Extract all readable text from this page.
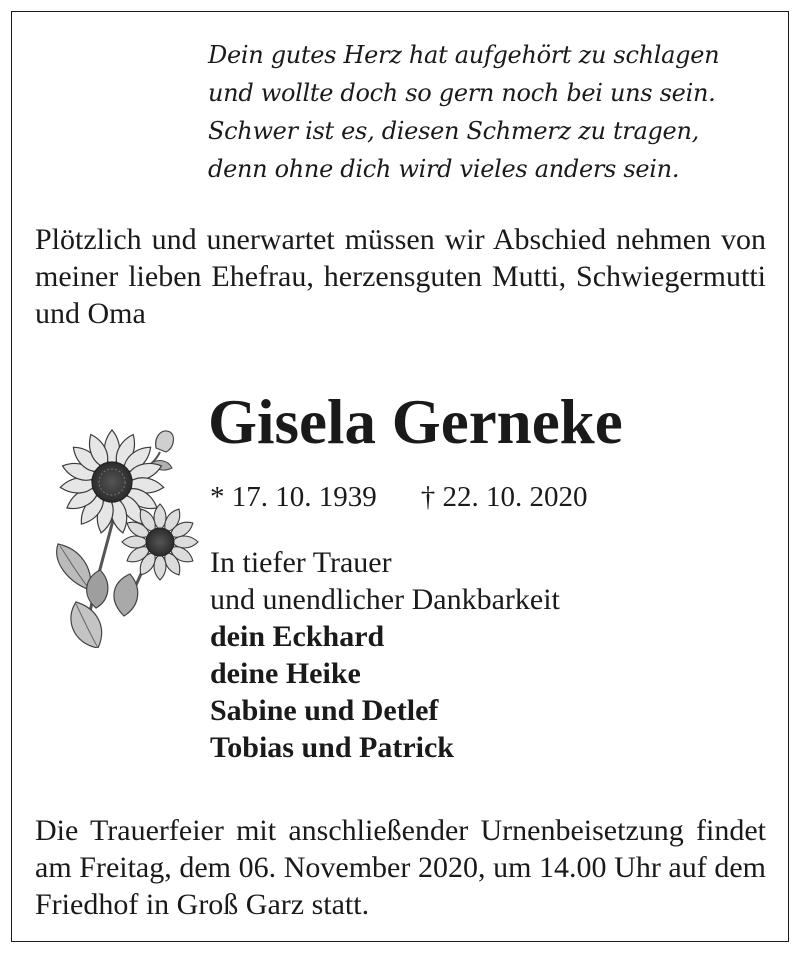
Dein gutes Herz hat aufgehört zu schlagen
und wollte doch so gern noch bei uns sein.
Schwer ist es, diesen Schmerz zu tragen,
denn ohne dich wird vieles anders sein.
Plötzlich und unerwartet müssen wir Abschied nehmen von meiner lieben Ehefrau, herzensguten Mutti, Schwiegermutti und Oma
Gisela Gerneke
* 17. 10. 1939 † 22. 10. 2020
In tiefer Trauer
und unendlicher Dankbarkeit
dein Eckhard
deine Heike
Sabine und Detlef
Tobias und Patrick
Die Trauerfeier mit anschließender Urnenbeisetzung findet am Freitag, dem 06. November 2020, um 14.00 Uhr auf dem Friedhof in Groß Garz statt.
